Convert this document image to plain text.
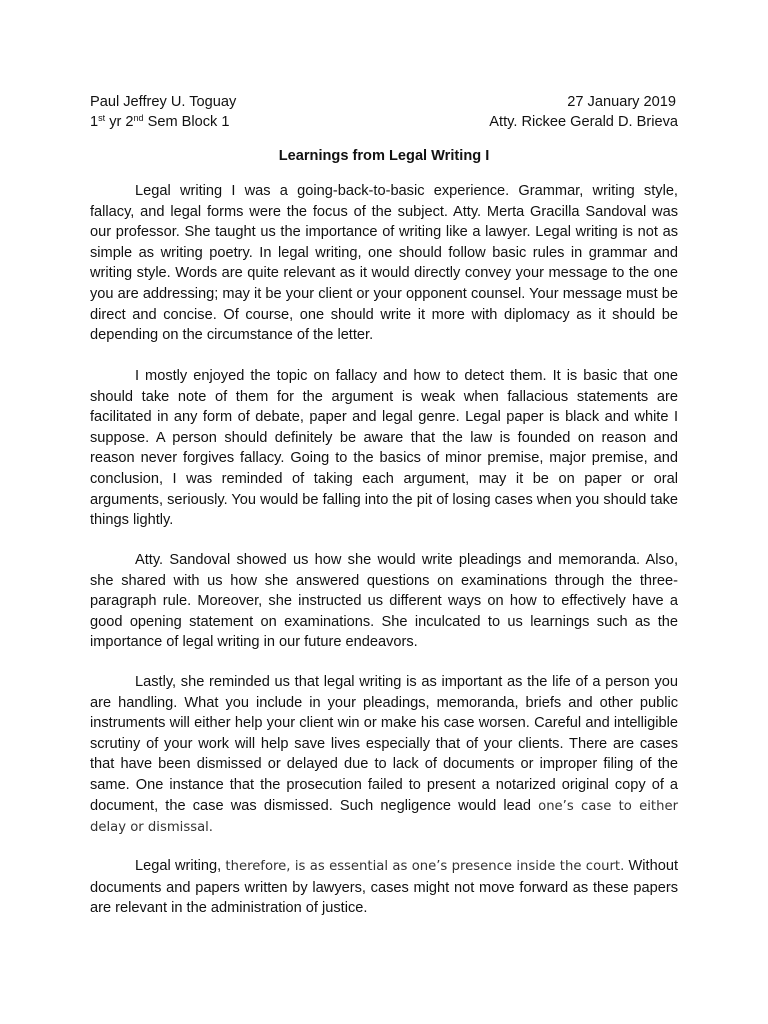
Paul Jeffrey U. Toguay	27 January 2019
1st yr 2nd Sem Block 1	Atty. Rickee Gerald D. Brieva
Learnings from Legal Writing I

Legal writing I was a going-back-to-basic experience. Grammar, writing style, fallacy, and legal forms were the focus of the subject. Atty. Merta Gracilla Sandoval was our professor. She taught us the importance of writing like a lawyer. Legal writing is not as simple as writing poetry. In legal writing, one should follow basic rules in grammar and writing style. Words are quite relevant as it would directly convey your message to the one you are addressing; may it be your client or your opponent counsel. Your message must be direct and concise. Of course, one should write it more with diplomacy as it should be depending on the circumstance of the letter.

I mostly enjoyed the topic on fallacy and how to detect them. It is basic that one should take note of them for the argument is weak when fallacious statements are facilitated in any form of debate, paper and legal genre. Legal paper is black and white I suppose. A person should definitely be aware that the law is founded on reason and reason never forgives fallacy. Going to the basics of minor premise, major premise, and conclusion, I was reminded of taking each argument, may it be on paper or oral arguments, seriously. You would be falling into the pit of losing cases when you should take things lightly.

Atty. Sandoval showed us how she would write pleadings and memoranda. Also, she shared with us how she answered questions on examinations through the three-paragraph rule. Moreover, she instructed us different ways on how to effectively have a good opening statement on examinations. She inculcated to us learnings such as the importance of legal writing in our future endeavors.

Lastly, she reminded us that legal writing is as important as the life of a person you are handling. What you include in your pleadings, memoranda, briefs and other public instruments will either help your client win or make his case worsen. Careful and intelligible scrutiny of your work will help save lives especially that of your clients. There are cases that have been dismissed or delayed due to lack of documents or improper filing of the same. One instance that the prosecution failed to present a notarized original copy of a document, the case was dismissed. Such negligence would lead one’s case to either delay or dismissal.

Legal writing, therefore, is as essential as one’s presence inside the court. Without documents and papers written by lawyers, cases might not move forward as these papers are relevant in the administration of justice.
